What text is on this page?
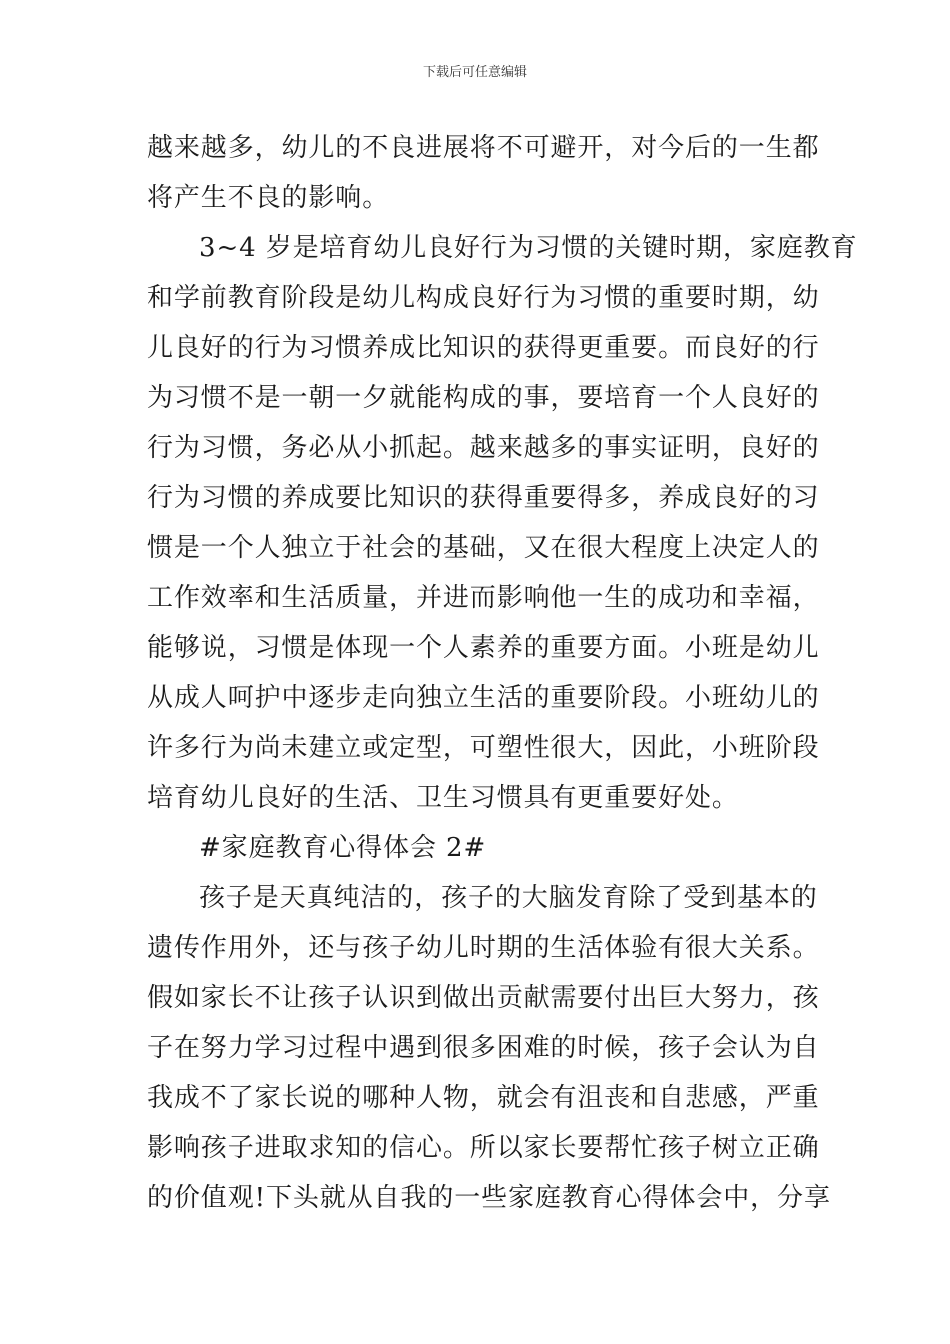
下载后可任意编辑
越来越多，幼儿的不良进展将不可避开，对今后的一生都
将产生不良的影响。
3~4 岁是培育幼儿良好行为习惯的关键时期，家庭教育
和学前教育阶段是幼儿构成良好行为习惯的重要时期，幼
儿良好的行为习惯养成比知识的获得更重要。而良好的行
为习惯不是一朝一夕就能构成的事，要培育一个人良好的
行为习惯，务必从小抓起。越来越多的事实证明，良好的
行为习惯的养成要比知识的获得重要得多，养成良好的习
惯是一个人独立于社会的基础，又在很大程度上决定人的
工作效率和生活质量，并进而影响他一生的成功和幸福，
能够说，习惯是体现一个人素养的重要方面。小班是幼儿
从成人呵护中逐步走向独立生活的重要阶段。小班幼儿的
许多行为尚未建立或定型，可塑性很大，因此，小班阶段
培育幼儿良好的生活、卫生习惯具有更重要好处。
#家庭教育心得体会 2#
孩子是天真纯洁的，孩子的大脑发育除了受到基本的
遗传作用外，还与孩子幼儿时期的生活体验有很大关系。
假如家长不让孩子认识到做出贡献需要付出巨大努力，孩
子在努力学习过程中遇到很多困难的时候，孩子会认为自
我成不了家长说的哪种人物，就会有沮丧和自悲感，严重
影响孩子进取求知的信心。所以家长要帮忙孩子树立正确
的价值观!下头就从自我的一些家庭教育心得体会中，分享
